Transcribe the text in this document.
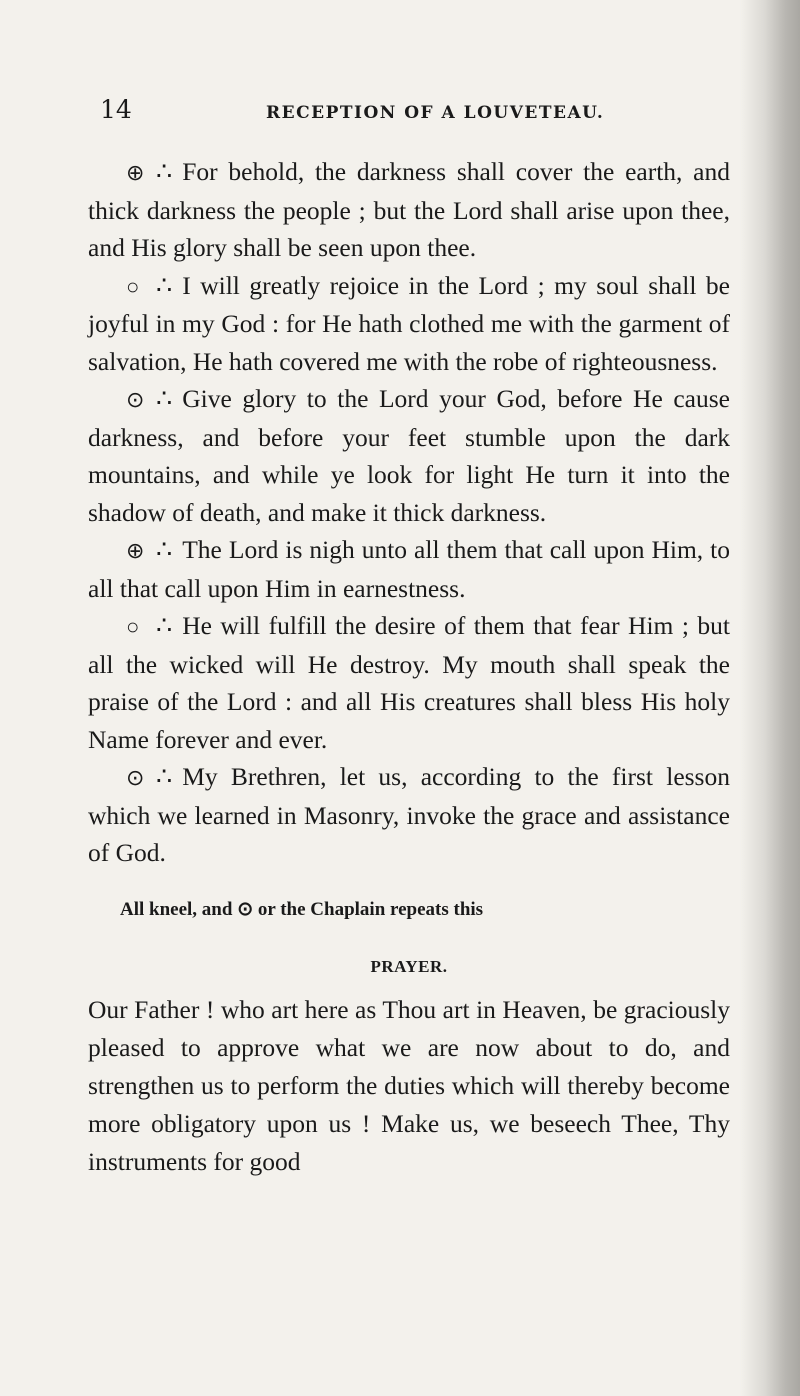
14	RECEPTION OF A LOUVETEAU.

⊕ ∴ For behold, the darkness shall cover the earth, and thick darkness the people ; but the Lord shall arise upon thee, and His glory shall be seen upon thee.

○ ∴ I will greatly rejoice in the Lord ; my soul shall be joyful in my God : for He hath clothed me with the garment of salvation, He hath covered me with the robe of righteousness.

⊙ ∴ Give glory to the Lord your God, before He cause darkness, and before your feet stumble upon the dark mountains, and while ye look for light He turn it into the shadow of death, and make it thick darkness.

⊕ ∴ The Lord is nigh unto all them that call upon Him, to all that call upon Him in earnestness.

○ ∴ He will fulfill the desire of them that fear Him ; but all the wicked will He destroy. My mouth shall speak the praise of the Lord : and all His creatures shall bless His holy Name forever and ever.

⊙ ∴ My Brethren, let us, according to the first lesson which we learned in Masonry, invoke the grace and assistance of God.

All kneel, and ⊙ or the Chaplain repeats this
PRAYER.

Our Father ! who art here as Thou art in Heaven, be graciously pleased to approve what we are now about to do, and strengthen us to perform the duties which will thereby become more obligatory upon us ! Make us, we beseech Thee, Thy instruments for good
